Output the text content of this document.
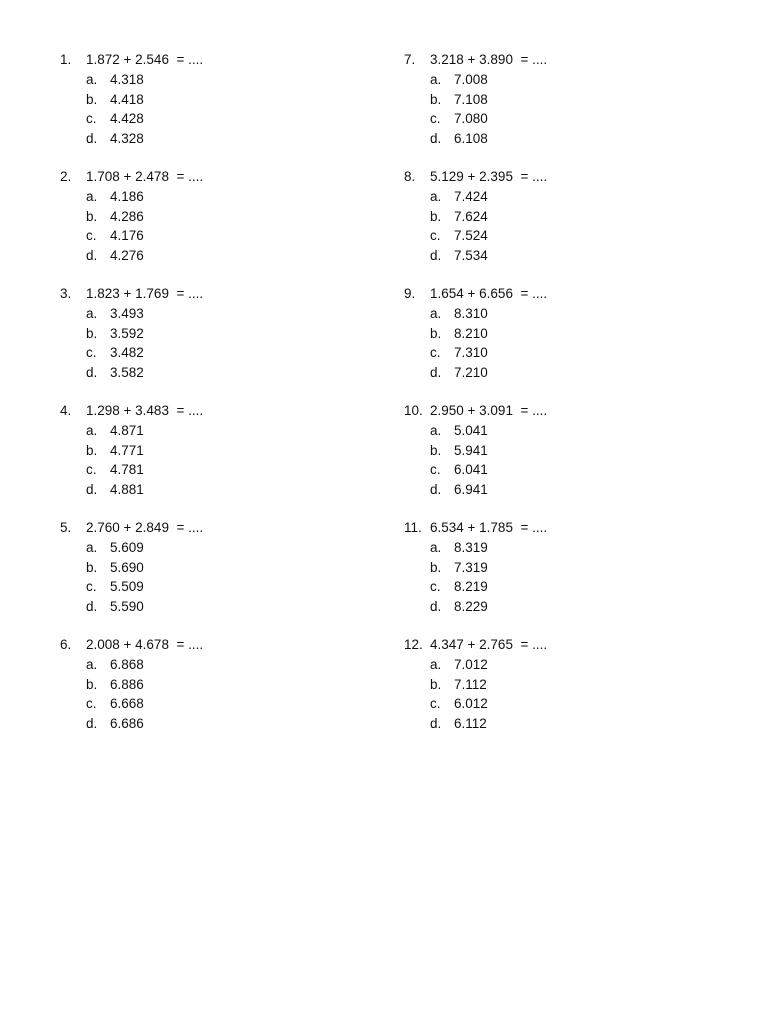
1. 1.872 + 2.546  = ....
a. 4.318
b. 4.418
c. 4.428
d. 4.328
2. 1.708 + 2.478  = ....
a. 4.186
b. 4.286
c. 4.176
d. 4.276
3. 1.823 + 1.769  = ....
a. 3.493
b. 3.592
c. 3.482
d. 3.582
4. 1.298 + 3.483  = ....
a. 4.871
b. 4.771
c. 4.781
d. 4.881
5. 2.760 + 2.849  = ....
a. 5.609
b. 5.690
c. 5.509
d. 5.590
6. 2.008 + 4.678  = ....
a. 6.868
b. 6.886
c. 6.668
d. 6.686
7. 3.218 + 3.890  = ....
a. 7.008
b. 7.108
c. 7.080
d. 6.108
8. 5.129 + 2.395  = ....
a. 7.424
b. 7.624
c. 7.524
d. 7.534
9. 1.654 + 6.656  = ....
a. 8.310
b. 8.210
c. 7.310
d. 7.210
10. 2.950 + 3.091  = ....
a. 5.041
b. 5.941
c. 6.041
d. 6.941
11. 6.534 + 1.785  = ....
a. 8.319
b. 7.319
c. 8.219
d. 8.229
12. 4.347 + 2.765  = ....
a. 7.012
b. 7.112
c. 6.012
d. 6.112
